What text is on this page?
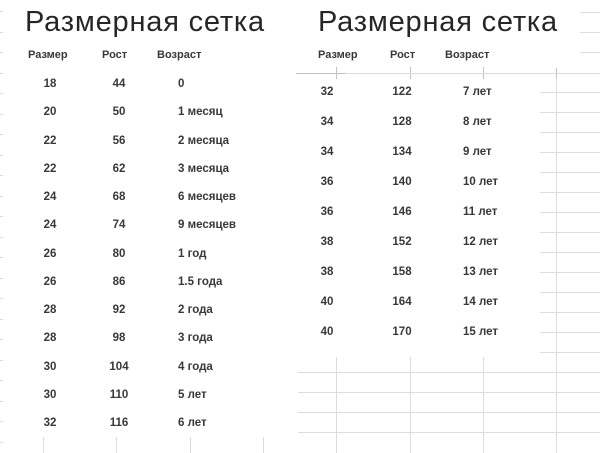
Размерная сетка
Размер	Рост	Возраст
18	44	0
20	50	1 месяц
22	56	2 месяца
22	62	3 месяца
24	68	6 месяцев
24	74	9 месяцев
26	80	1 год
26	86	1.5 года
28	92	2 года
28	98	3 года
30	104	4 года
30	110	5 лет
32	116	6 лет
Размерная сетка
Размер	Рост	Возраст
32	122	7 лет
34	128	8 лет
34	134	9 лет
36	140	10 лет
36	146	11 лет
38	152	12 лет
38	158	13 лет
40	164	14 лет
40	170	15 лет
